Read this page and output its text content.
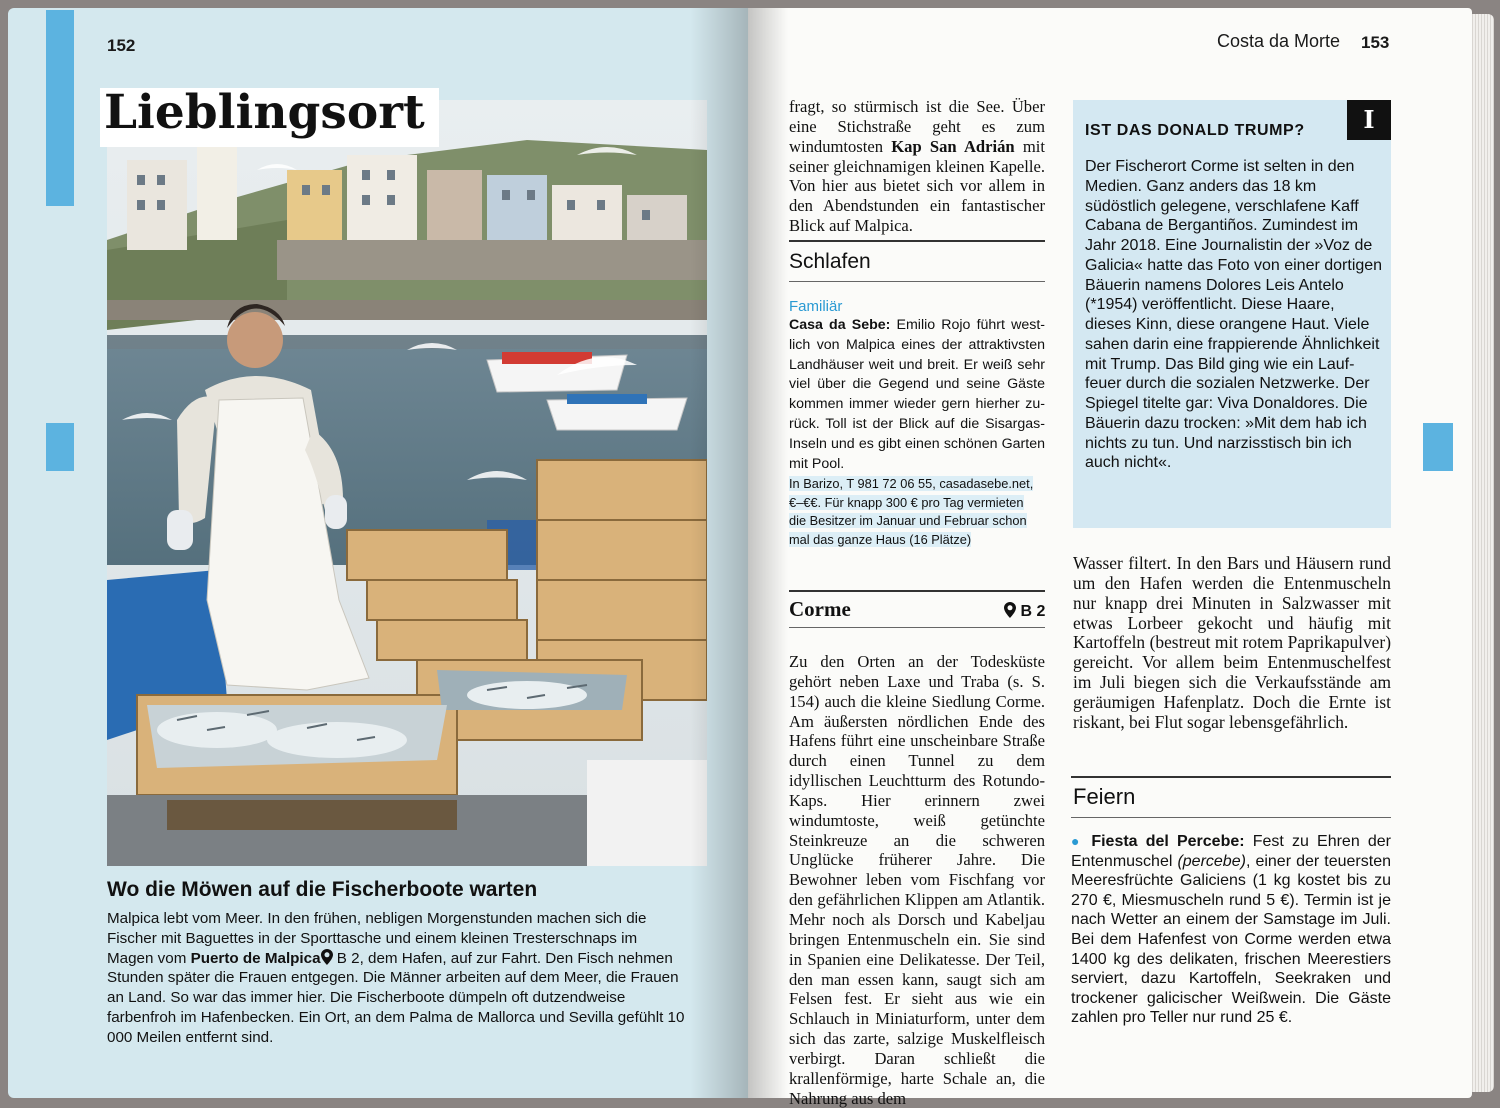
152
Lieblingsort
Wo die Möwen auf die Fischerboote warten
Malpica lebt vom Meer. In den frühen, nebligen Morgenstunden machen sich die Fischer mit Baguettes in der Sporttasche und einem kleinen Tresterschnaps im Magen vom Puerto de Malpica B 2, dem Hafen, auf zur Fahrt. Den Fisch nehmen Stunden später die Frauen entgegen. Die Männer arbeiten auf dem Meer, die Frauen an Land. So war das immer hier. Die Fischerboote dümpeln oft dutzendweise farbenfroh im Hafenbecken. Ein Ort, an dem Palma de Mallorca und Sevilla gefühlt 10 000 Meilen entfernt sind.
Costa da Morte 153
fragt, so stürmisch ist die See. Über eine Stichstraße geht es zum windumtosten Kap San Adrián mit seiner gleichnamigen kleinen Kapelle. Von hier aus bietet sich vor allem in den Abendstunden ein fantastischer Blick auf Malpica.
Schlafen
Familiär
Casa da Sebe: Emilio Rojo führt westlich von Malpica eines der attraktivsten Landhäuser weit und breit. Er weiß sehr viel über die Gegend und seine Gäste kommen immer wieder gern hierher zurück. Toll ist der Blick auf die Sisargas-Inseln und es gibt einen schönen Garten mit Pool.
In Barizo, T 981 72 06 55, casadasebe.net, €–€€. Für knapp 300 € pro Tag vermieten die Besitzer im Januar und Februar schon mal das ganze Haus (16 Plätze)
Corme	B 2
Zu den Orten an der Todesküste gehört neben Laxe und Traba (s. S. 154) auch die kleine Siedlung Corme. Am äußersten nördlichen Ende des Hafens führt eine unscheinbare Straße durch einen Tunnel zu dem idyllischen Leuchtturm des Rotundo-Kaps. Hier erinnern zwei windumtoste, weiß getünchte Steinkreuze an die schweren Unglücke früherer Jahre. Die Bewohner leben vom Fischfang vor den gefährlichen Klippen am Atlantik. Mehr noch als Dorsch und Kabeljau bringen Entenmuscheln ein. Sie sind in Spanien eine Delikatesse. Der Teil, den man essen kann, saugt sich am Felsen fest. Er sieht aus wie ein Schlauch in Miniaturform, unter dem sich das zarte, salzige Muskelfleisch verbirgt. Daran schließt die krallenförmige, harte Schale an, die Nahrung aus dem
I
IST DAS DONALD TRUMP?
Der Fischerort Corme ist selten in den Medien. Ganz anders das 18 km südöstlich gelegene, verschlafene Kaff Cabana de Bergantiños. Zumindest im Jahr 2018. Eine Journalistin der »Voz de Galicia« hatte das Foto von einer dortigen Bäuerin namens Dolores Leis Antelo (*1954) veröffentlicht. Diese Haare, dieses Kinn, diese orangene Haut. Viele sahen darin eine frappierende Ähnlichkeit mit Trump. Das Bild ging wie ein Lauffeuer durch die sozialen Netzwerke. Der Spiegel titelte gar: Viva Donaldores. Die Bäuerin dazu trocken: »Mit dem hab ich nichts zu tun. Und narzisstisch bin ich auch nicht«.
Wasser filtert. In den Bars und Häusern rund um den Hafen werden die Entenmuscheln nur knapp drei Minuten in Salzwasser mit etwas Lorbeer gekocht und häufig mit Kartoffeln (bestreut mit rotem Paprikapulver) gereicht. Vor allem beim Entenmuschelfest im Juli biegen sich die Verkaufsstände am geräumigen Hafenplatz. Doch die Ernte ist riskant, bei Flut sogar lebensgefährlich.
Feiern
● Fiesta del Percebe: Fest zu Ehren der Entenmuschel (percebe), einer der teuersten Meeresfrüchte Galiciens (1 kg kostet bis zu 270 €, Miesmuscheln rund 5 €). Termin ist je nach Wetter an einem der Samstage im Juli. Bei dem Hafenfest von Corme werden etwa 1400 kg des delikaten, frischen Meerestiers serviert, dazu Kartoffeln, Seekraken und trockener galicischer Weißwein. Die Gäste zahlen pro Teller nur rund 25 €.
